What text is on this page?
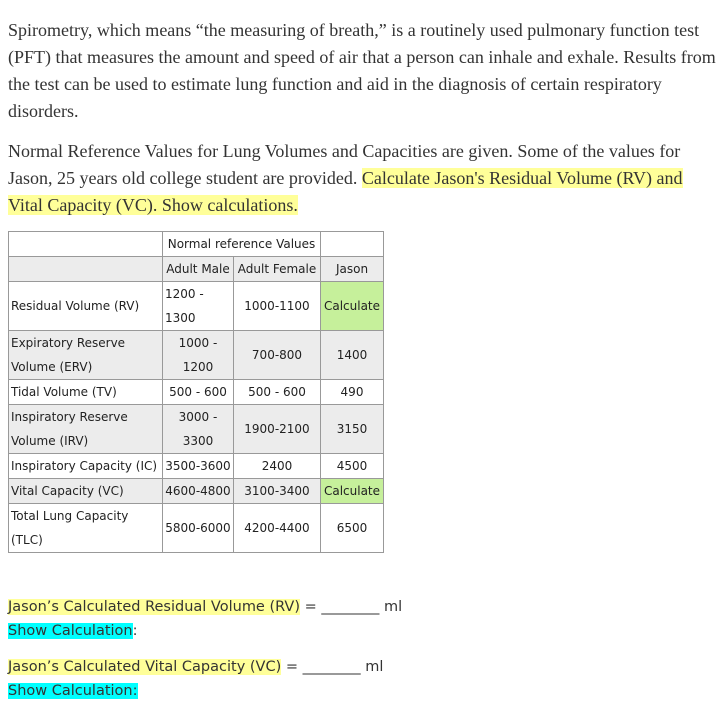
Spirometry, which means “the measuring of breath,” is a routinely used pulmonary function test (PFT) that measures the amount and speed of air that a person can inhale and exhale. Results from the test can be used to estimate lung function and aid in the diagnosis of certain respiratory disorders.

Normal Reference Values for Lung Volumes and Capacities are given. Some of the values for Jason, 25 years old college student are provided. Calculate Jason's Residual Volume (RV) and Vital Capacity (VC). Show calculations.

	Normal reference Values		
	Adult Male	Adult Female	Jason
Residual Volume (RV)	1200 - 1300	1000-1100	Calculate
Expiratory Reserve Volume (ERV)	1000 - 1200	700-800	1400
Tidal Volume (TV)	500 - 600	500 - 600	490
Inspiratory Reserve Volume (IRV)	3000 - 3300	1900-2100	3150
Inspiratory Capacity (IC)	3500-3600	2400	4500
Vital Capacity (VC)	4600-4800	3100-3400	Calculate
Total Lung Capacity (TLC)	5800-6000	4200-4400	6500
Jason’s Calculated Residual Volume (RV) = ________ ml
Show Calculation:
Jason’s Calculated Vital Capacity (VC) = ________ ml
Show Calculation:
